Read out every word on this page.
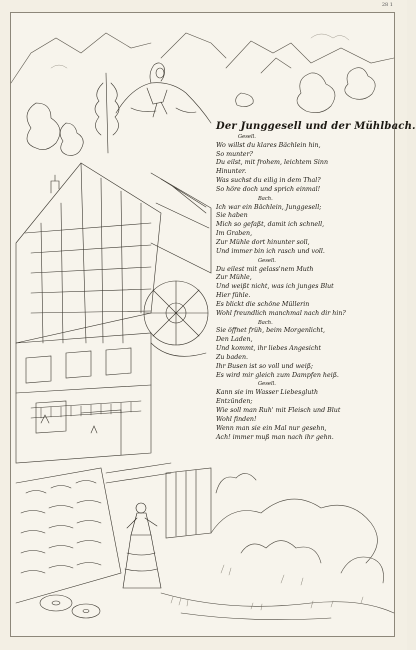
28 1
Der Junggesell und der Mühlbach.
Gesell.
Wo willst du klares Bächlein hin,
So munter?
Du eilst, mit frohem, leichtem Sinn
Hinunter.
Was suchst du eilig in dem Thal?
So höre doch und sprich einmal!
Bach.
Ich war ein Bächlein, Junggesell;
Sie haben
Mich so gefaßt, damit ich schnell,
Im Graben,
Zur Mühle dort hinunter soll,
Und immer bin ich rasch und voll.
Gesell.
Du eilest mit gelass'nem Muth
Zur Mühle,
Und weißt nicht, was ich junges Blut
Hier fühle.
Es blickt die schöne Müllerin
Wohl freundlich manchmal nach dir hin?
Bach.
Sie öffnet früh, beim Morgenlicht,
Den Laden,
Und kommt, ihr liebes Angesicht
Zu baden.
Ihr Busen ist so voll und weiß;
Es wird mir gleich zum Dampfen heiß.
Gesell.
Kann sie im Wasser Liebesgluth
Entzünden;
Wie soll man Ruh' mit Fleisch und Blut
Wohl finden!
Wenn man sie ein Mal nur gesehn,
Ach! immer muß man nach ihr gehn.
